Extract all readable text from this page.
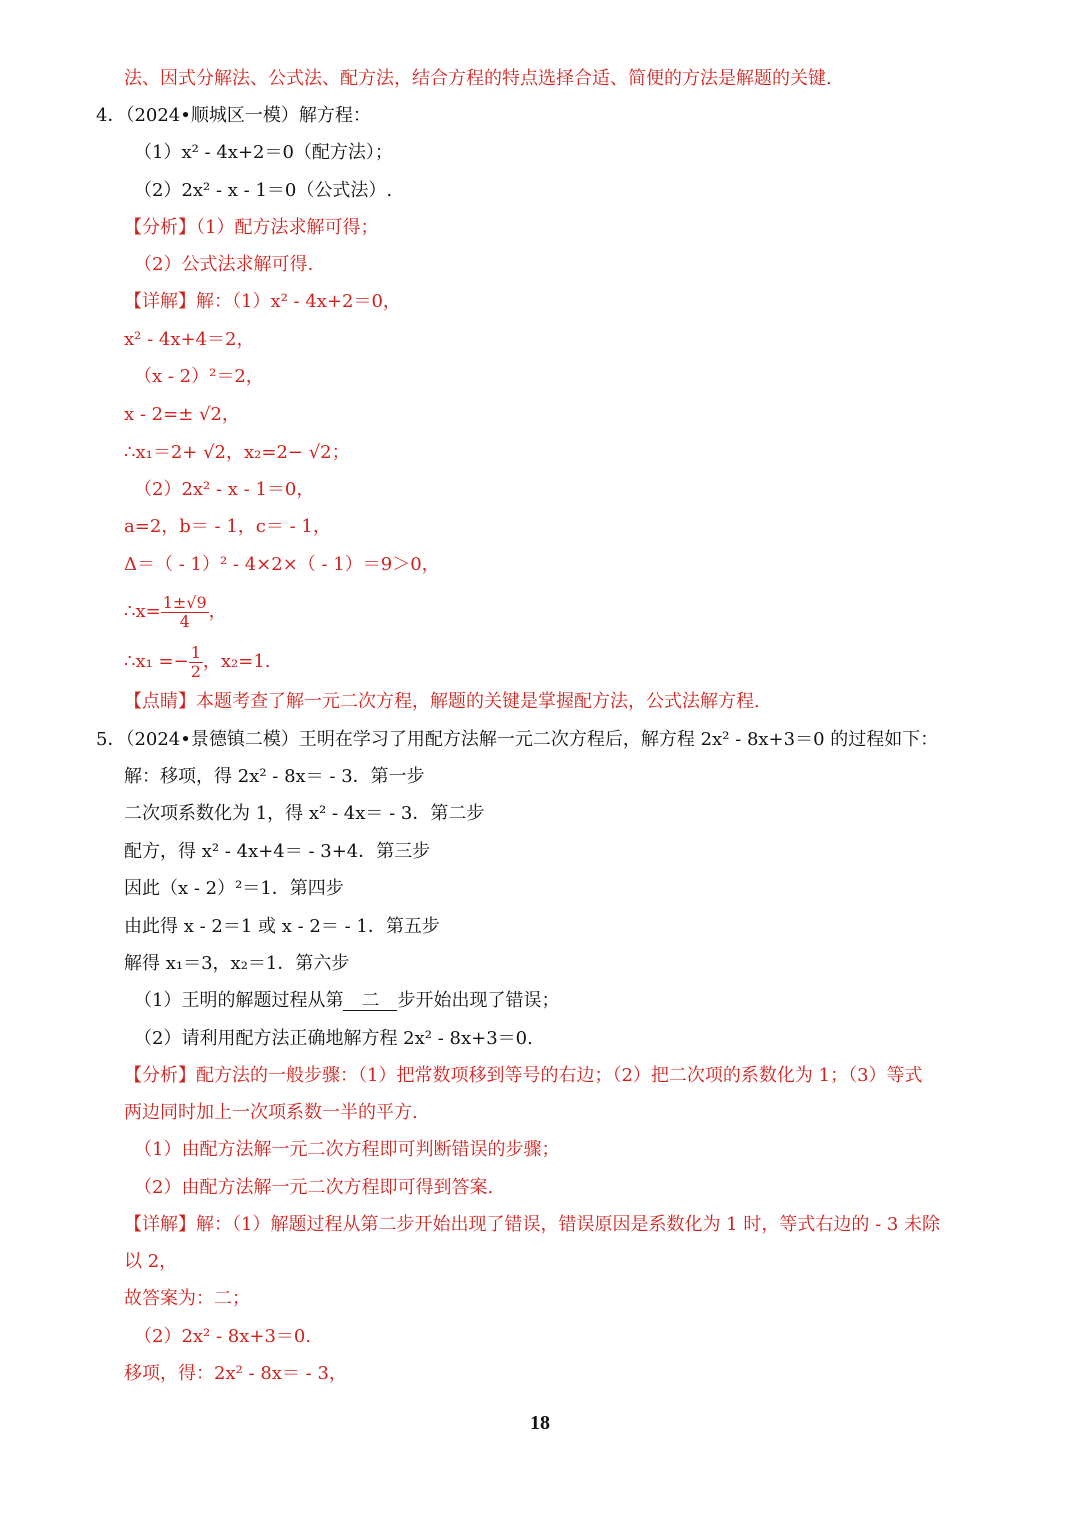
法、因式分解法、公式法、配方法，结合方程的特点选择合适、简便的方法是解题的关键.
4．（2024•顺城区一模）解方程：
（1）x² - 4x+2＝0（配方法）；
（2）2x² - x - 1＝0（公式法）.
【分析】（1）配方法求解可得；
（2）公式法求解可得.
【详解】解：（1）x² - 4x+2＝0，
x² - 4x+4＝2，
（x - 2）²＝2，
x - 2=± √2，
∴x₁＝2+ √2，x₂=2− √2；
（2）2x² - x - 1＝0，
a=2，b＝ - 1，c＝ - 1，
Δ＝（ - 1）² - 4×2×（ - 1）＝9＞0，
∴x= $\frac{1\pm√9}{4}$ ，
∴x₁ =− $\frac{1}{2}$ ，x₂=1.
【点睛】本题考查了解一元二次方程，解题的关键是掌握配方法，公式法解方程.
5．（2024•景德镇二模）王明在学习了用配方法解一元二次方程后，解方程 2x² - 8x+3＝0 的过程如下：
解：移项，得 2x² - 8x＝ - 3．第一步
二次项系数化为 1，得 x² - 4x＝ - 3．第二步
配方，得 x² - 4x+4＝ - 3+4．第三步
因此（x - 2）²＝1．第四步
由此得 x - 2＝1 或 x - 2＝ - 1．第五步
解得 x₁＝3，x₂＝1．第六步
（1）王明的解题过程从第 二 步开始出现了错误；
（2）请利用配方法正确地解方程 2x² - 8x+3＝0.
【分析】配方法的一般步骤：（1）把常数项移到等号的右边；（2）把二次项的系数化为 1；（3）等式
两边同时加上一次项系数一半的平方.
（1）由配方法解一元二次方程即可判断错误的步骤；
（2）由配方法解一元二次方程即可得到答案.
【详解】解：（1）解题过程从第二步开始出现了错误，错误原因是系数化为 1 时，等式右边的 - 3 未除
以 2，
故答案为：二；
（2）2x² - 8x+3＝0.
移项，得：2x² - 8x＝ - 3，
18
